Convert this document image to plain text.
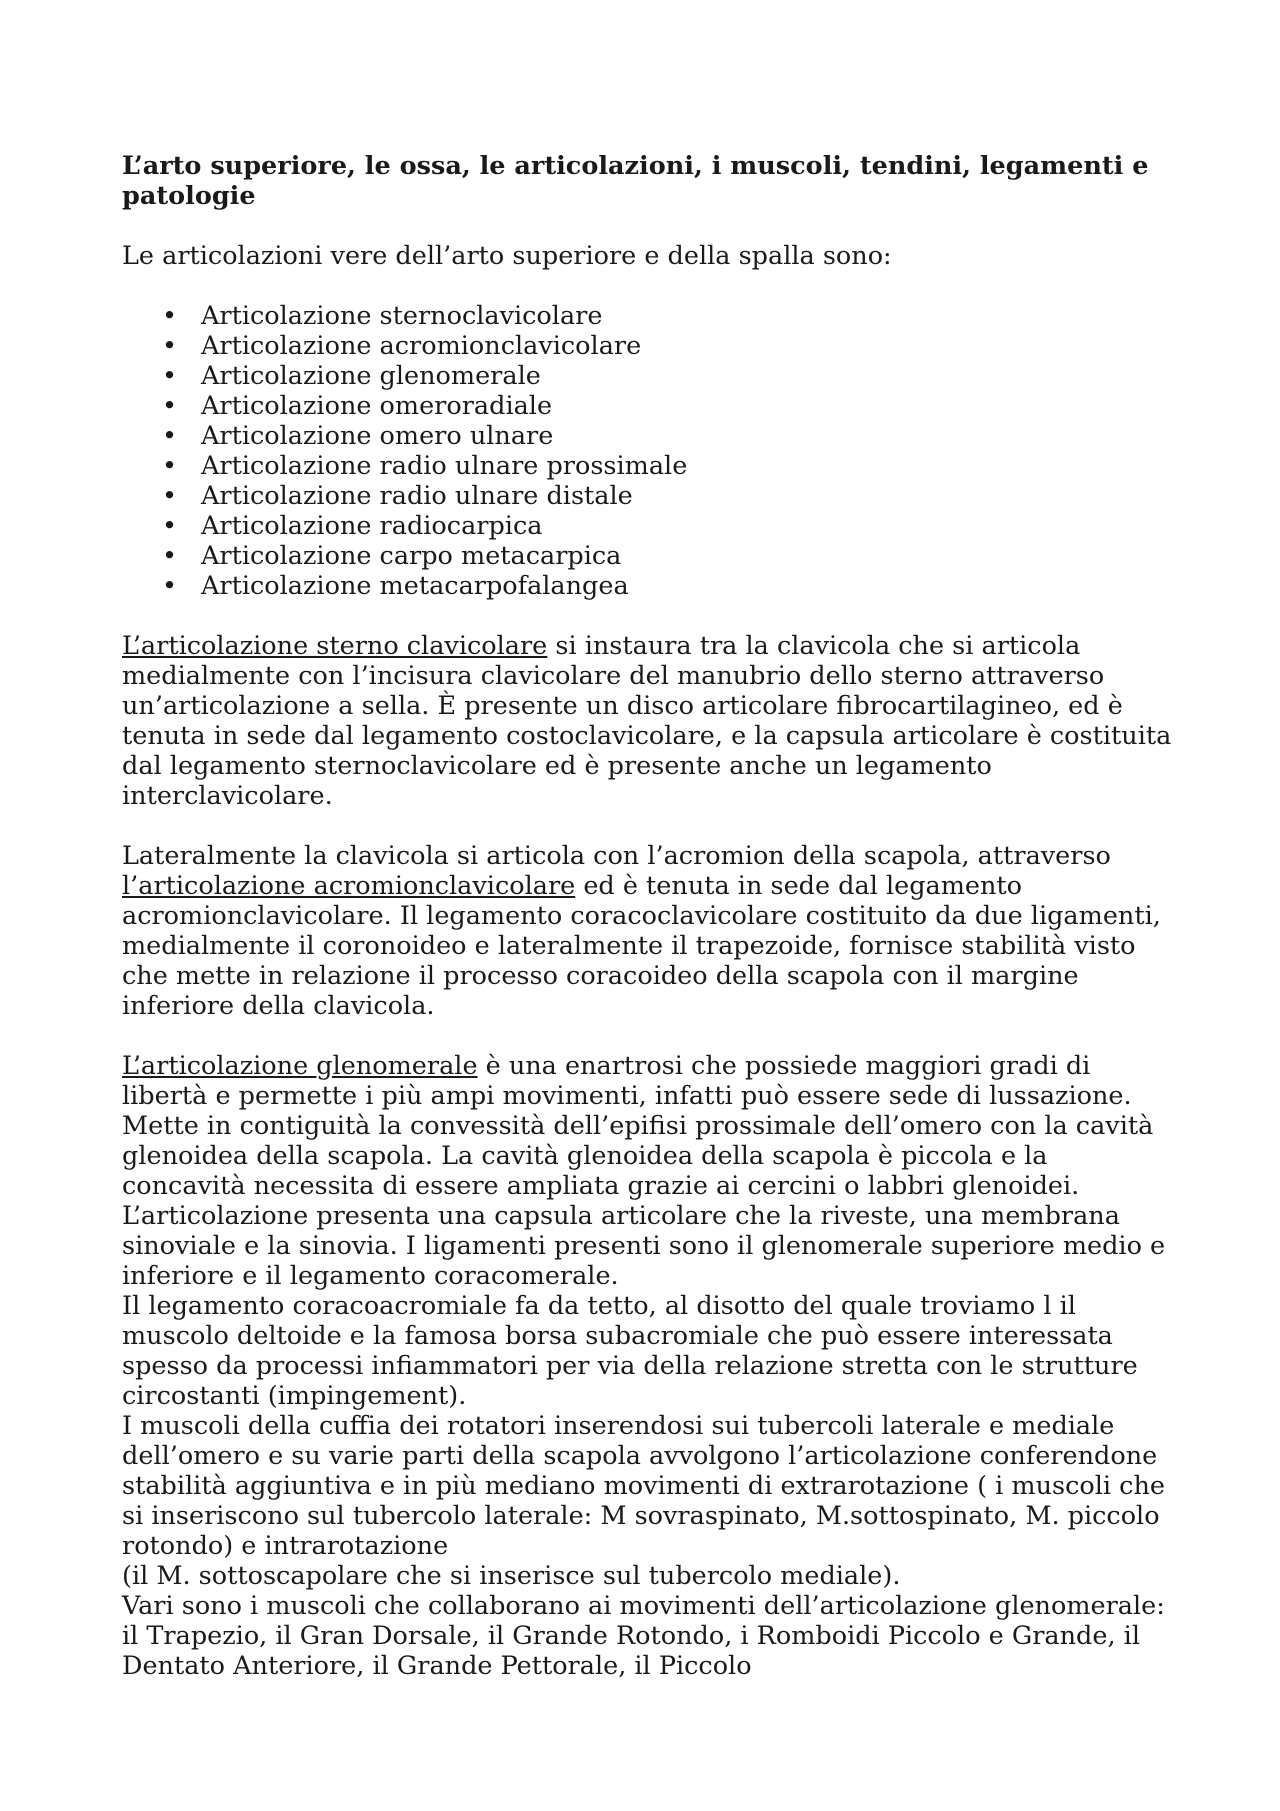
L’arto superiore, le ossa, le articolazioni, i muscoli, tendini, legamenti e patologie

Le articolazioni vere dell’arto superiore e della spalla sono:

• Articolazione sternoclavicolare
• Articolazione acromionclavicolare
• Articolazione glenomerale
• Articolazione omeroradiale
• Articolazione omero ulnare
• Articolazione radio ulnare prossimale
• Articolazione radio ulnare distale
• Articolazione radiocarpica
• Articolazione carpo metacarpica
• Articolazione metacarpofalangea

L’articolazione sterno clavicolare si instaura tra la clavicola che si articola medialmente con l’incisura clavicolare del manubrio dello sterno attraverso un’articolazione a sella. È presente un disco articolare fibrocartilagineo, ed è tenuta in sede dal legamento costoclavicolare, e la capsula articolare è costituita dal legamento sternoclavicolare ed è presente anche un legamento interclavicolare.

Lateralmente la clavicola si articola con l’acromion della scapola, attraverso l’articolazione acromionclavicolare ed è tenuta in sede dal legamento acromionclavicolare. Il legamento coracoclavicolare costituito da due ligamenti, medialmente il coronoideo e lateralmente il trapezoide, fornisce stabilità visto che mette in relazione il processo coracoideo della scapola con il margine inferiore della clavicola.

L’articolazione glenomerale è una enartrosi che possiede maggiori gradi di libertà e permette i più ampi movimenti, infatti può essere sede di lussazione. Mette in contiguità la convessità dell’epifisi prossimale dell’omero con la cavità glenoidea della scapola. La cavità glenoidea della scapola è piccola e la concavità necessita di essere ampliata grazie ai cercini o labbri glenoidei. L’articolazione presenta una capsula articolare che la riveste, una membrana sinoviale e la sinovia. I ligamenti presenti sono il glenomerale superiore medio e inferiore e il legamento coracomerale.

Il legamento coracoacromiale fa da tetto, al disotto del quale troviamo l il muscolo deltoide e la famosa borsa subacromiale che può essere interessata spesso da processi infiammatori per via della relazione stretta con le strutture circostanti (impingement).

I muscoli della cuffia dei rotatori inserendosi sui tubercoli laterale e mediale dell’omero e su varie parti della scapola avvolgono l’articolazione conferendone stabilità aggiuntiva e in più mediano movimenti di extrarotazione ( i muscoli che si inseriscono sul tubercolo laterale: M sovraspinato, M.sottospinato, M. piccolo rotondo) e intrarotazione

(il M. sottoscapolare che si inserisce sul tubercolo mediale).

Vari sono i muscoli che collaborano ai movimenti dell’articolazione glenomerale: il Trapezio, il Gran Dorsale, il Grande Rotondo, i Romboidi Piccolo e Grande, il Dentato Anteriore, il Grande Pettorale, il Piccolo
